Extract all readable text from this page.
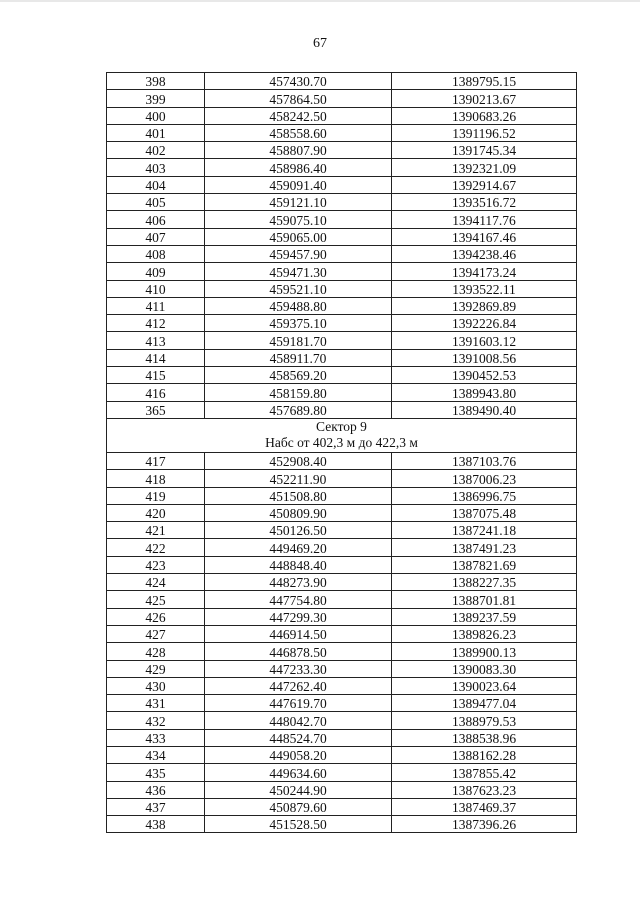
67
398	457430.70	1389795.15
399	457864.50	1390213.67
400	458242.50	1390683.26
401	458558.60	1391196.52
402	458807.90	1391745.34
403	458986.40	1392321.09
404	459091.40	1392914.67
405	459121.10	1393516.72
406	459075.10	1394117.76
407	459065.00	1394167.46
408	459457.90	1394238.46
409	459471.30	1394173.24
410	459521.10	1393522.11
411	459488.80	1392869.89
412	459375.10	1392226.84
413	459181.70	1391603.12
414	458911.70	1391008.56
415	458569.20	1390452.53
416	458159.80	1389943.80
365	457689.80	1389490.40

Сектор 9
Набс от 402,3 м до 422,3 м		

417	452908.40	1387103.76
418	452211.90	1387006.23
419	451508.80	1386996.75
420	450809.90	1387075.48
421	450126.50	1387241.18
422	449469.20	1387491.23
423	448848.40	1387821.69
424	448273.90	1388227.35
425	447754.80	1388701.81
426	447299.30	1389237.59
427	446914.50	1389826.23
428	446878.50	1389900.13
429	447233.30	1390083.30
430	447262.40	1390023.64
431	447619.70	1389477.04
432	448042.70	1388979.53
433	448524.70	1388538.96
434	449058.20	1388162.28
435	449634.60	1387855.42
436	450244.90	1387623.23
437	450879.60	1387469.37
438	451528.50	1387396.26
